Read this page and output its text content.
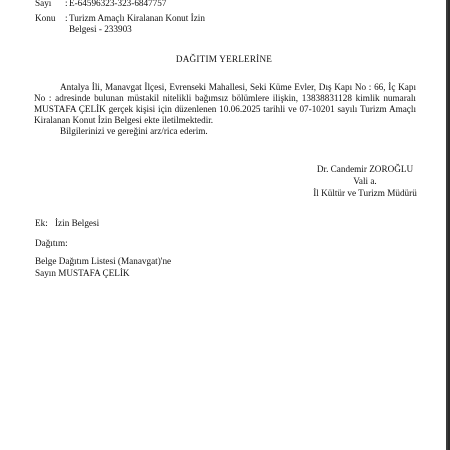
Sayı : E-64596323-323-6847757
Konu : Turizm Amaçlı Kiralanan Konut İzin
Belgesi - 233903
DAĞITIM YERLERİNE
Antalya İli, Manavgat İlçesi, Evrenseki Mahallesi, Seki Küme Evler, Dış Kapı No : 66, İç Kapı No : adresinde bulunan müstakil nitelikli bağımsız bölümlere ilişkin, 13838831128 kimlik numaralı MUSTAFA ÇELİK gerçek kişisi için düzenlenen 10.06.2025 tarihli ve 07-10201 sayılı Turizm Amaçlı Kiralanan Konut İzin Belgesi ekte iletilmektedir.
Bilgilerinizi ve gereğini arz/rica ederim.
Dr. Candemir ZOROĞLU
Vali a.
İl Kültür ve Turizm Müdürü
Ek: İzin Belgesi
Dağıtım:
Belge Dağıtım Listesi (Manavgat)'ne
Sayın MUSTAFA ÇELİK
